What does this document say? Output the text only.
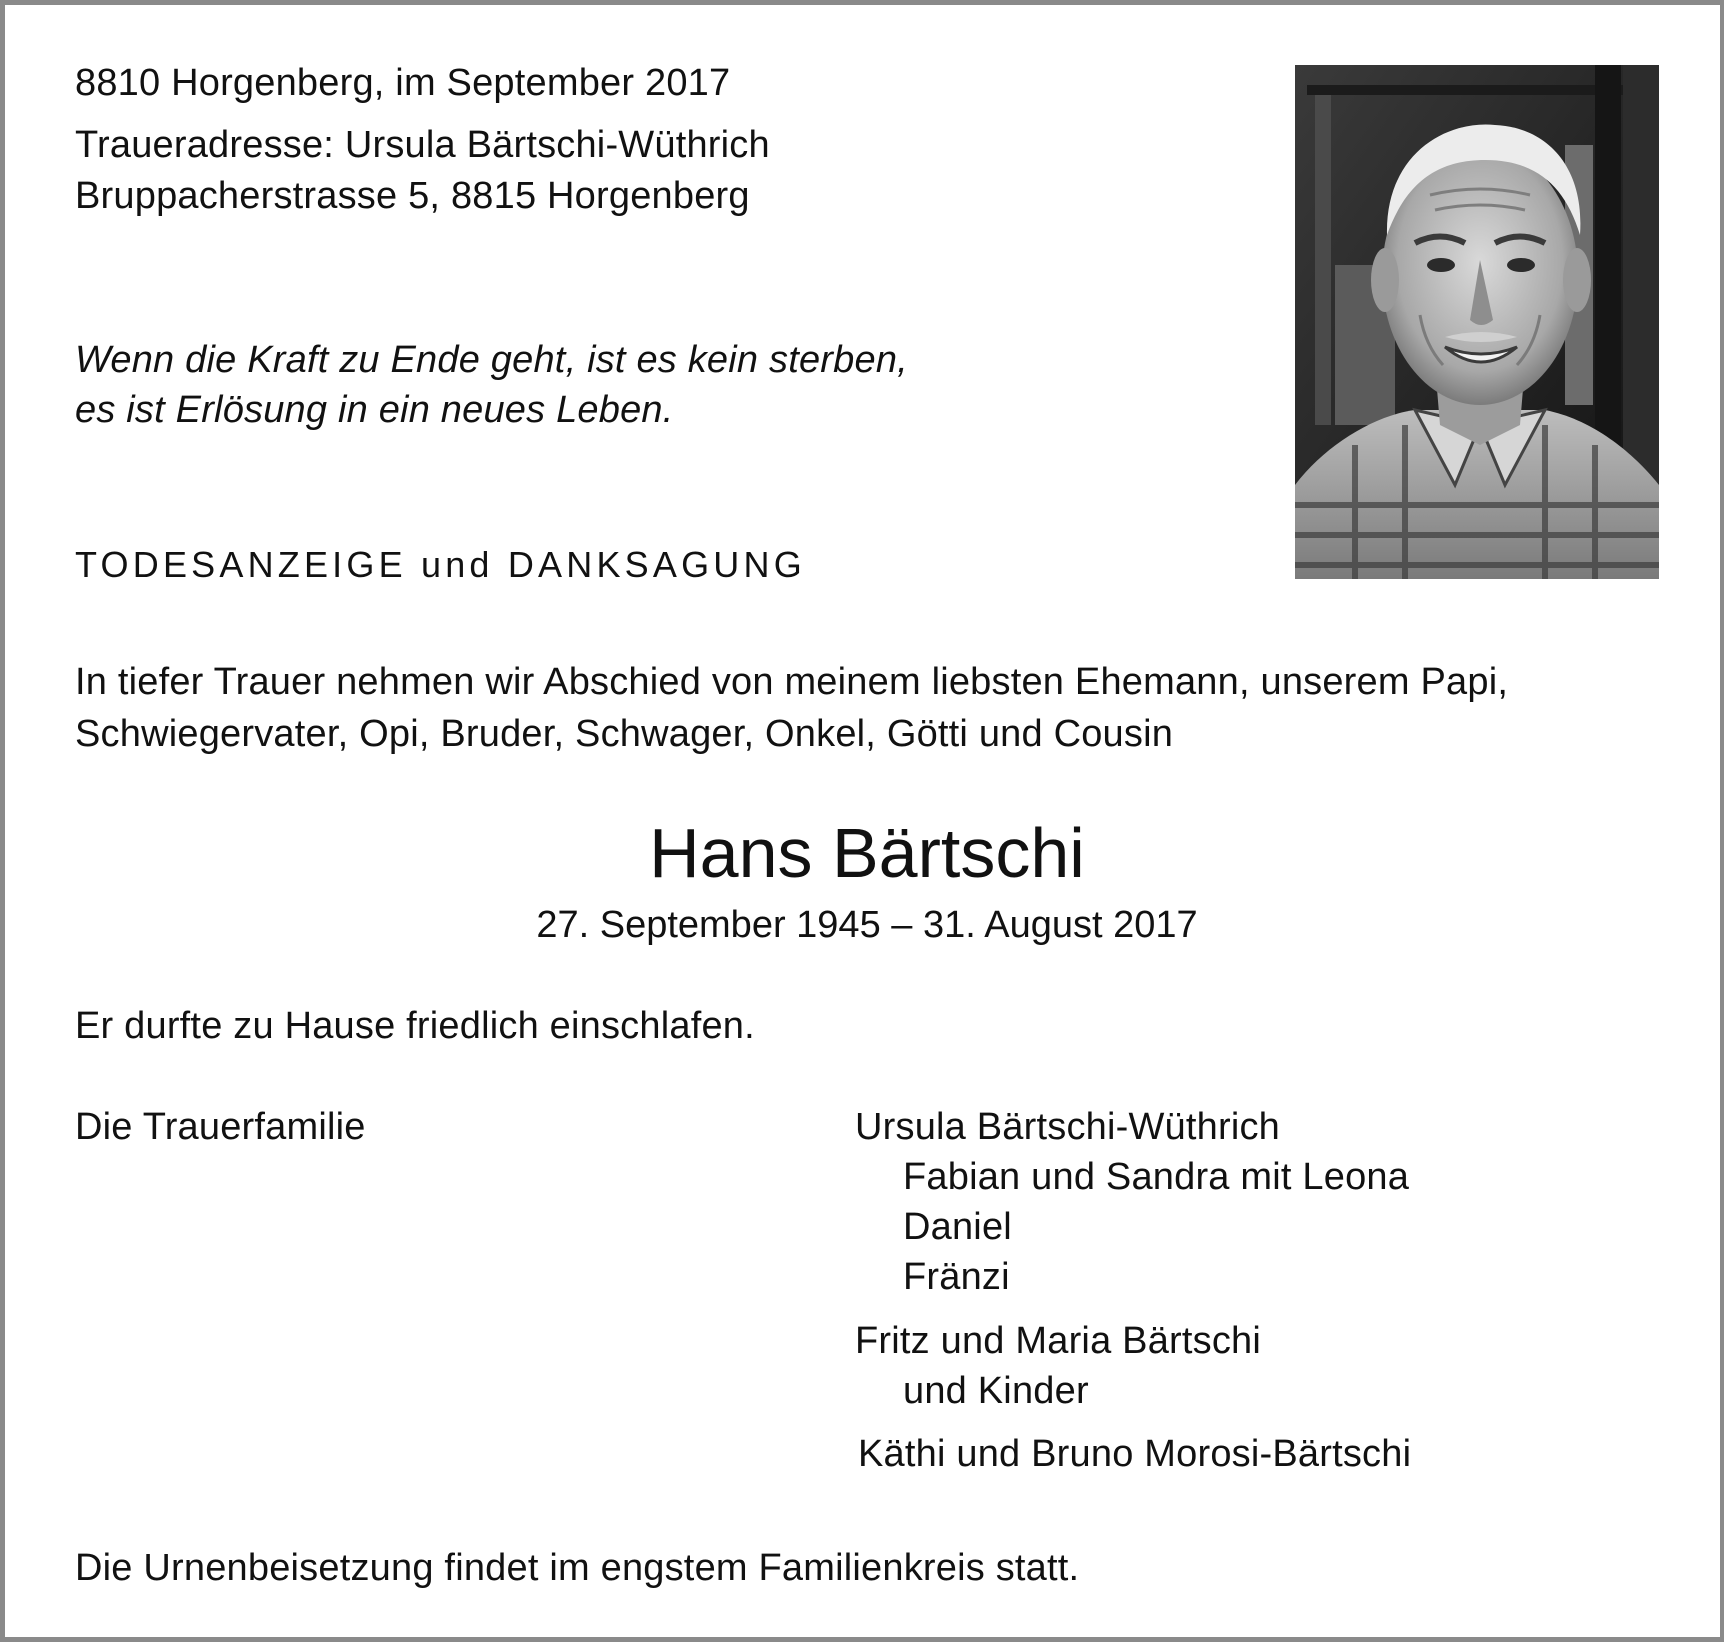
8810 Horgenberg, im September 2017
Traueradresse: Ursula Bärtschi-Wüthrich
Bruppacherstrasse 5, 8815 Horgenberg
Wenn die Kraft zu Ende geht, ist es kein sterben,
es ist Erlösung in ein neues Leben.
TODESANZEIGE und DANKSAGUNG
In tiefer Trauer nehmen wir Abschied von meinem liebsten Ehemann, unserem Papi,
Schwiegervater, Opi, Bruder, Schwager, Onkel, Götti und Cousin
Hans Bärtschi
27. September 1945 – 31. August 2017
Er durfte zu Hause friedlich einschlafen.
Die Trauerfamilie	Ursula Bärtschi-Wüthrich
Fabian und Sandra mit Leona
Daniel
Fränzi
Fritz und Maria Bärtschi
und Kinder
Käthi und Bruno Morosi-Bärtschi
Die Urnenbeisetzung findet im engstem Familienkreis statt.
